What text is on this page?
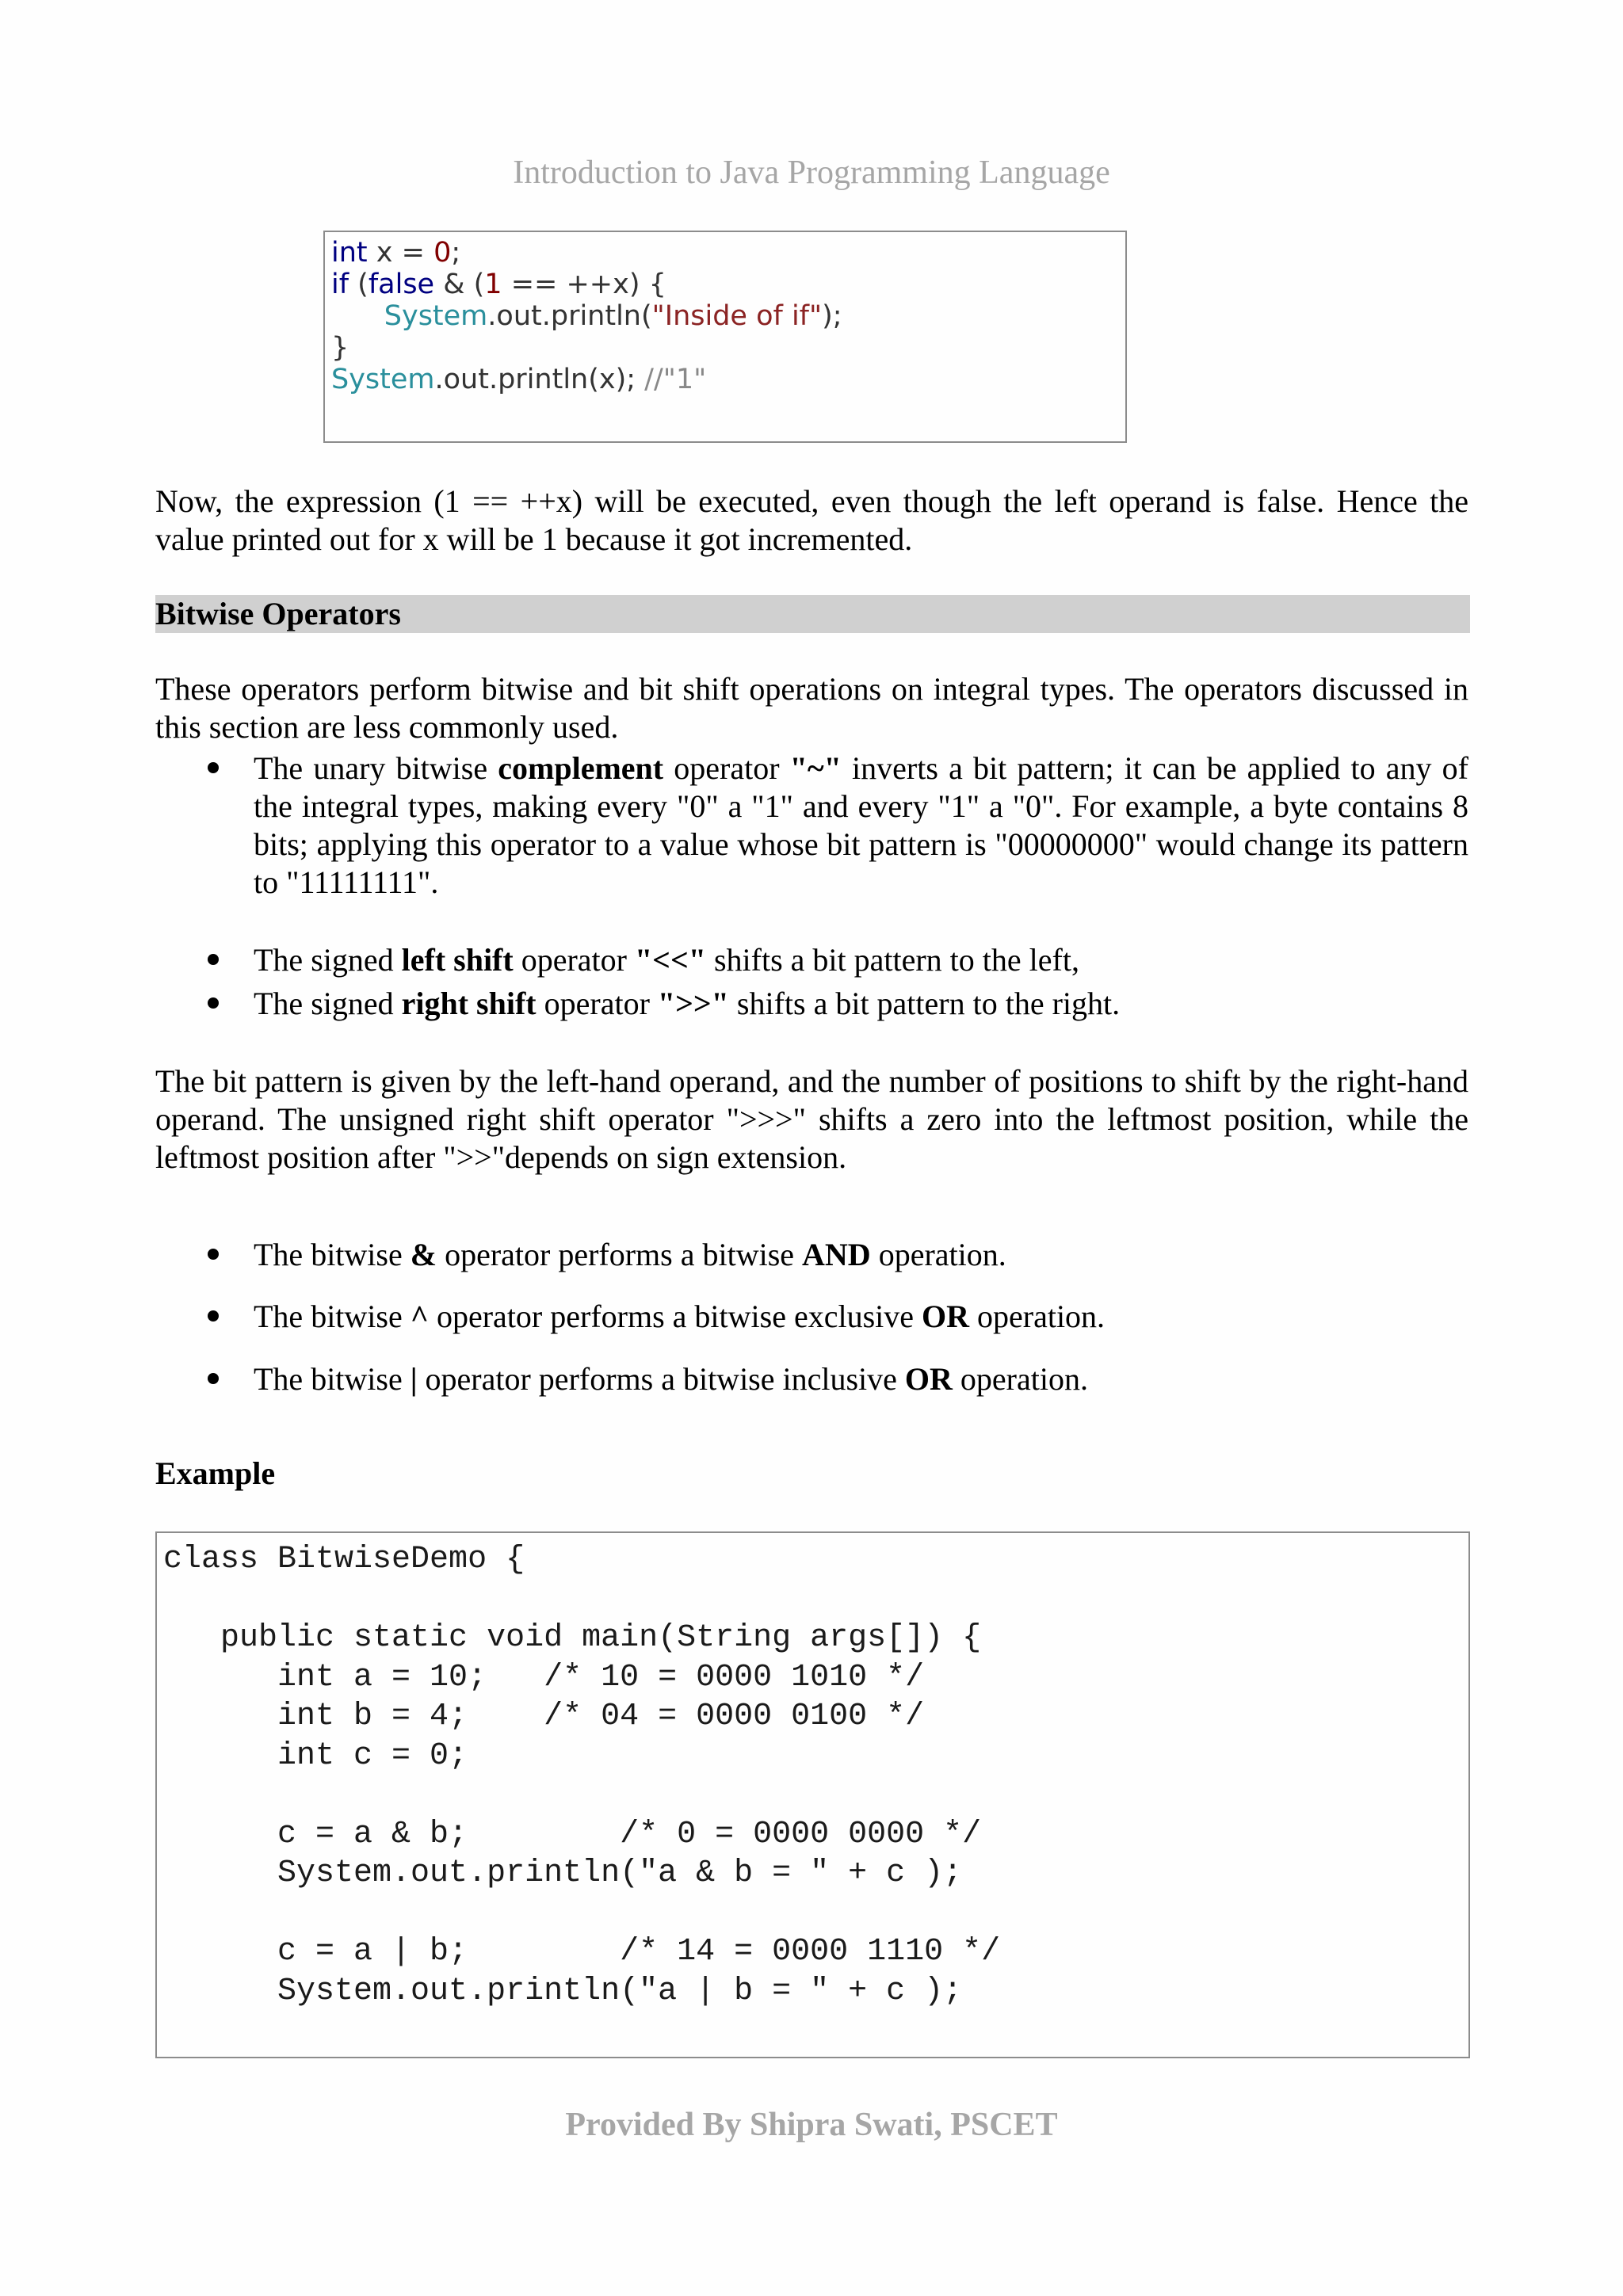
Introduction to Java Programming Language
int x = 0;
if (false & (1 == ++x) {
System.out.println("Inside of if");
}
System.out.println(x); //"1"
Now, the expression (1 == ++x) will be executed, even though the left operand is false. Hence the value printed out for x will be 1 because it got incremented.
Bitwise Operators
These operators perform bitwise and bit shift operations on integral types. The operators discussed in this section are less commonly used.
The unary bitwise complement operator "~" inverts a bit pattern; it can be applied to any of the integral types, making every "0" a "1" and every "1" a "0". For example, a byte contains 8 bits; applying this operator to a value whose bit pattern is "00000000" would change its pattern to "11111111".
The signed left shift operator "<<" shifts a bit pattern to the left,
The signed right shift operator ">>" shifts a bit pattern to the right.
The bit pattern is given by the left-hand operand, and the number of positions to shift by the right-hand operand. The unsigned right shift operator ">>>" shifts a zero into the leftmost position, while the leftmost position after ">>"depends on sign extension.
The bitwise & operator performs a bitwise AND operation.
The bitwise ^ operator performs a bitwise exclusive OR operation.
The bitwise | operator performs a bitwise inclusive OR operation.
Example
class BitwiseDemo {
public static void main(String args[]) {
int a = 10;   /* 10 = 0000 1010 */
int b = 4;    /* 04 = 0000 0100 */
int c = 0;
c = a & b;        /* 0 = 0000 0000 */
System.out.println("a & b = " + c );
c = a | b;        /* 14 = 0000 1110 */
System.out.println("a | b = " + c );
Provided By Shipra Swati, PSCET
